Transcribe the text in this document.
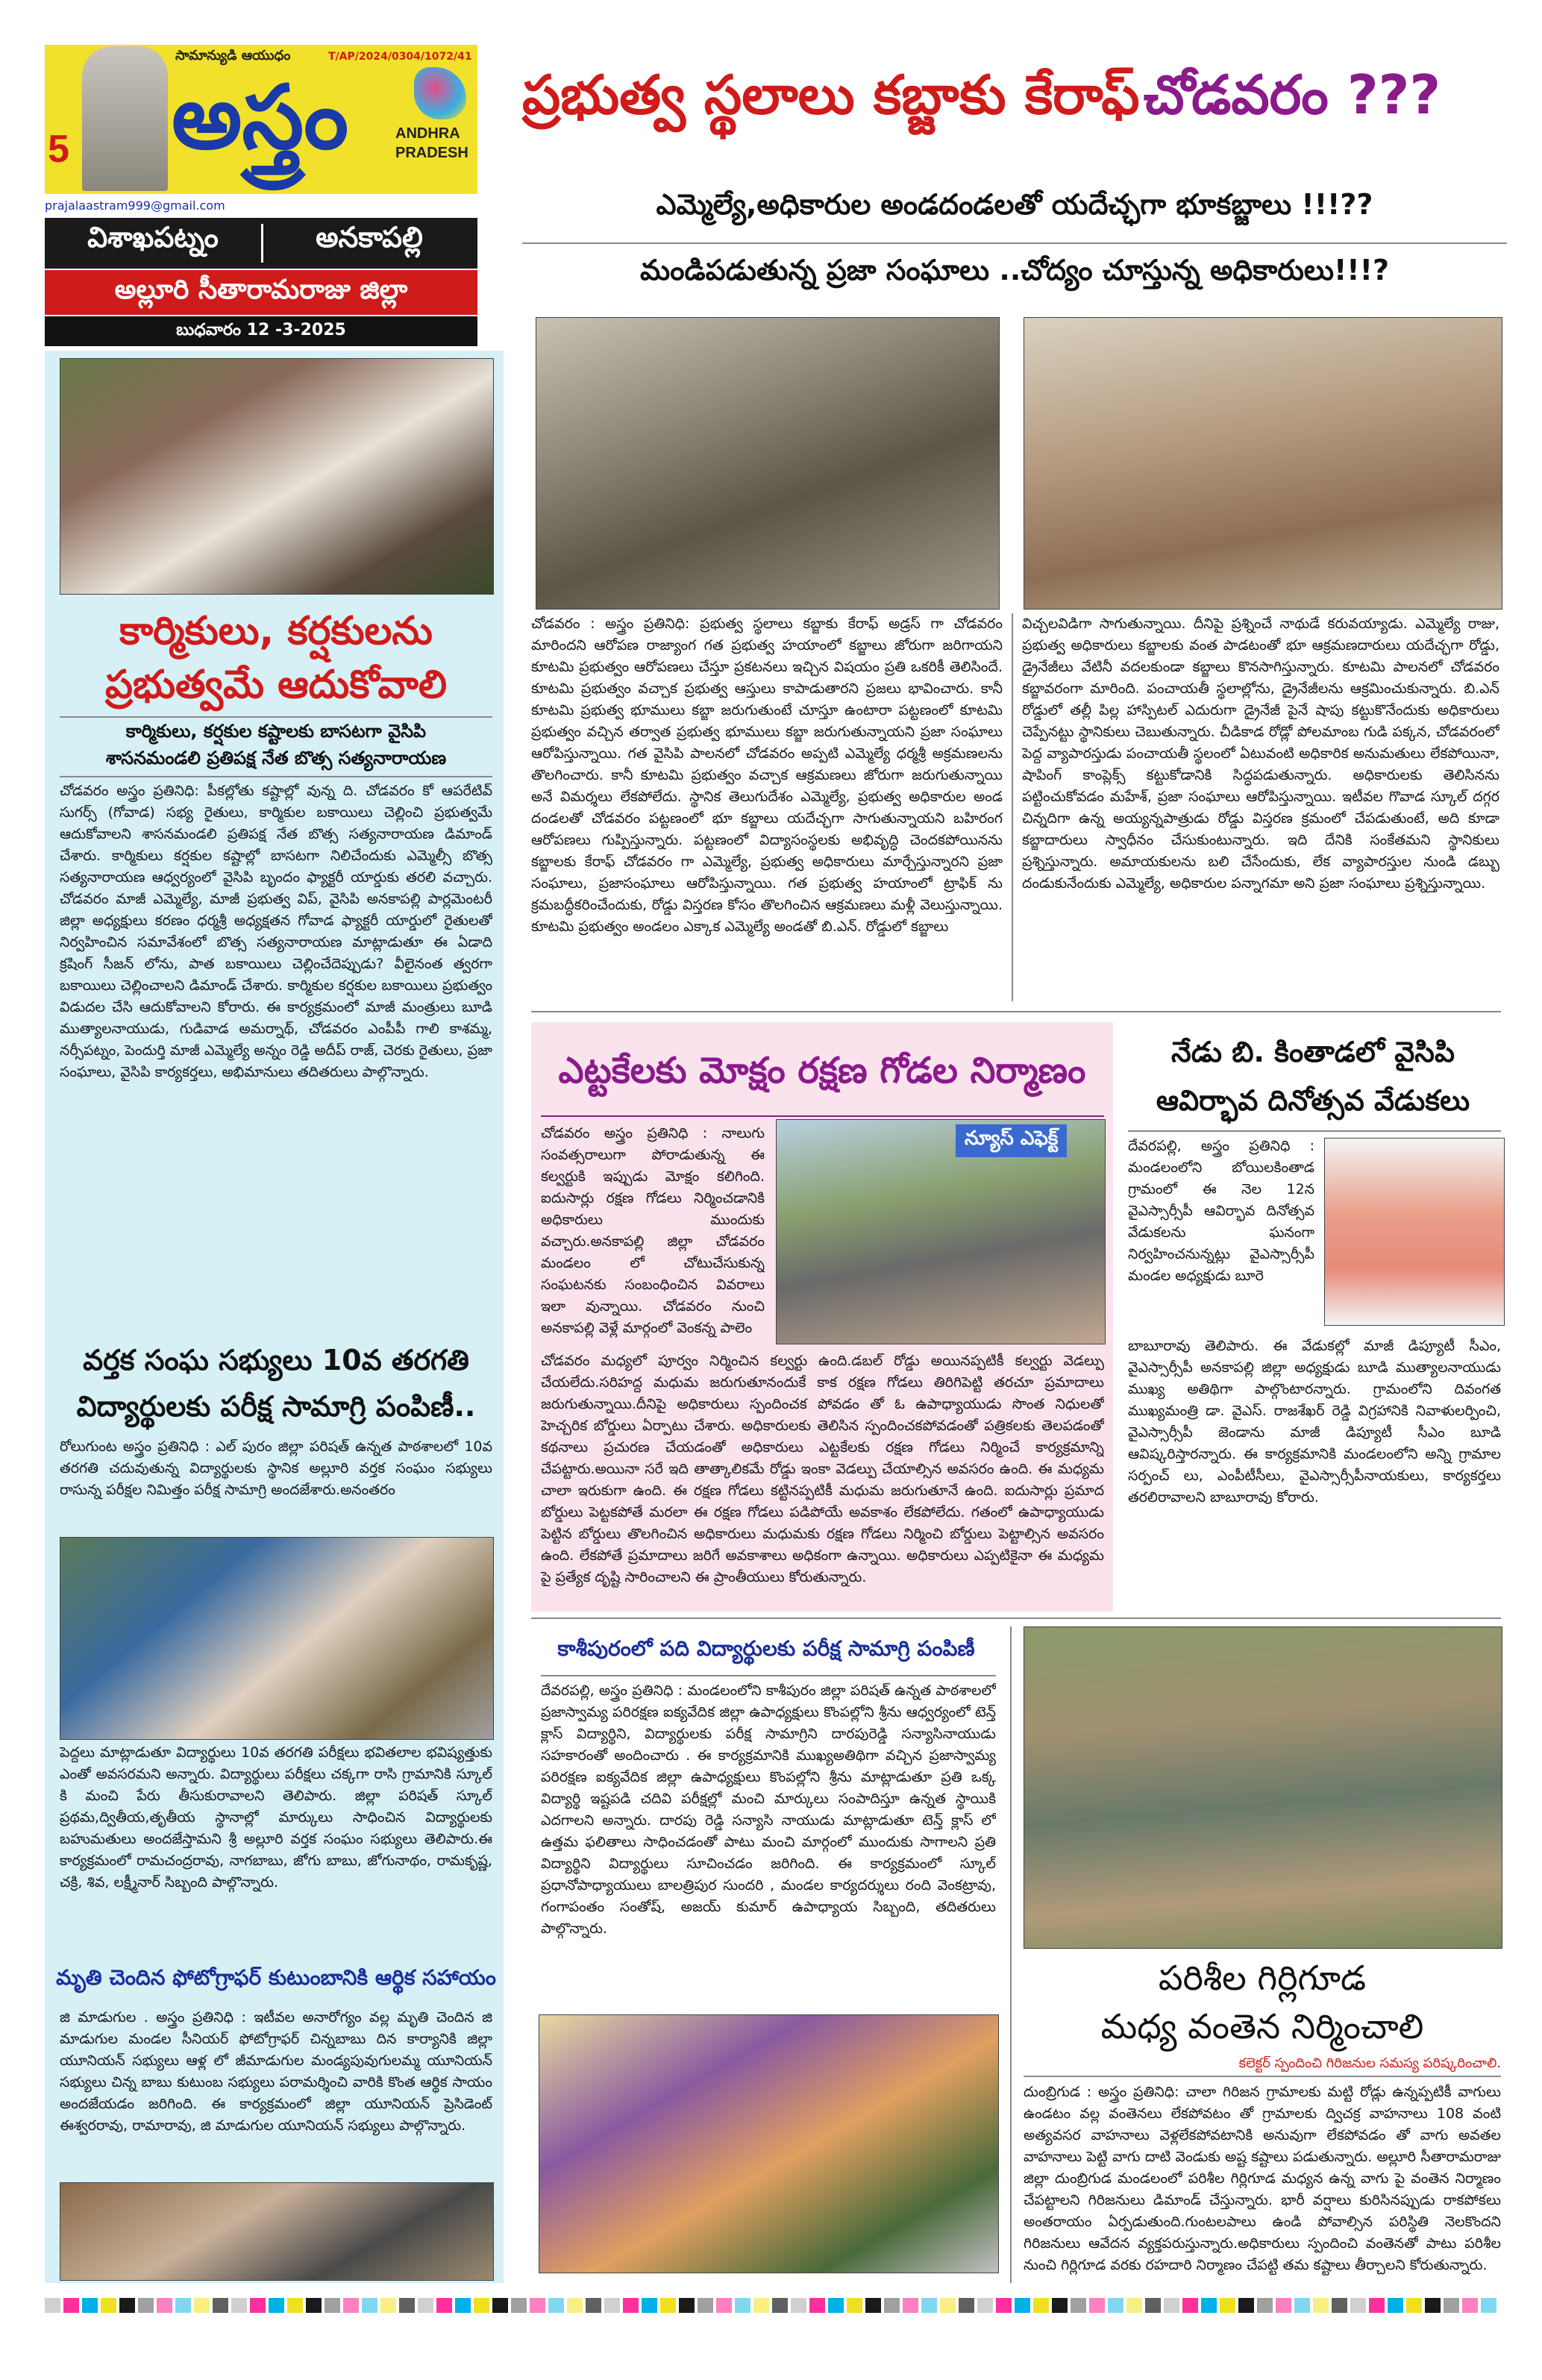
5
సామాన్యుడి ఆయుధం	T/AP/2024/0304/1072/41
అస్త్రం	ANDHRA
PRADESH
prajalaastram999@gmail.com
విశాఖపట్నం	అనకాపల్లి
అల్లూరి సీతారామరాజు జిల్లా
బుధవారం 12 -3-2025
ప్రభుత్వ స్థలాలు కబ్జాకు కేరాఫ్ చోడవరం ???
ఎమ్మెల్యే,అధికారుల అండదండలతో యదేచ్ఛగా భూకబ్జాలు !!!??
మండిపడుతున్న ప్రజా సంఘాలు ..చోద్యం చూస్తున్న అధికారులు!!!?
చోడవరం : అస్త్రం ప్రతినిధి: ప్రభుత్వ స్థలాలు కబ్జాకు కేరాఫ్ అడ్రస్ గా చోడవరం మారిందని ఆరోపణ రాజ్యాంగ గత ప్రభుత్వ హయాంలో కబ్జాలు జోరుగా జరిగాయని కూటమి ప్రభుత్వం ఆరోపణలు చేస్తూ ప్రకటనలు ఇచ్చిన విషయం ప్రతి ఒకరికీ తెలిసిందే. కూటమి ప్రభుత్వం వచ్చాక ప్రభుత్వ ఆస్తులు కాపాడుతారని ప్రజలు భావించారు. కానీ కూటమి ప్రభుత్వ భూములు కబ్జా జరుగుతుంటే చూస్తూ ఉంటారా పట్టణంలో కూటమి ప్రభుత్వం వచ్చిన తర్వాత ప్రభుత్వ భూములు కబ్జా జరుగుతున్నాయని ప్రజా సంఘాలు ఆరోపిస్తున్నాయి. గత వైసిపి పాలనలో చోడవరం అప్పటి ఎమ్మెల్యే ధర్మశ్రీ అక్రమణలను తొలగించారు. కానీ కూటమి ప్రభుత్వం వచ్చాక ఆక్రమణలు జోరుగా జరుగుతున్నాయి అనే విమర్శలు లేకపోలేదు. స్థానిక తెలుగుదేశం ఎమ్మెల్యే, ప్రభుత్వ అధికారుల అండ దండలతో చోడవరం పట్టణంలో భూ కబ్జాలు యదేచ్ఛగా సాగుతున్నాయని బహిరంగ ఆరోపణలు గుప్పిస్తున్నారు. పట్టణంలో విద్యాసంస్థలకు అభివృద్ధి చెందకపోయినను కబ్జాలకు కేరాఫ్ చోడవరం గా ఎమ్మెల్యే, ప్రభుత్వ అధికారులు మార్చేస్తున్నారని ప్రజా సంఘాలు, ప్రజాసంఘాలు ఆరోపిస్తున్నాయి. గత ప్రభుత్వ హయాంలో ట్రాఫిక్ ను క్రమబద్ధీకరించేందుకు, రోడ్డు విస్తరణ కోసం తొలగించిన ఆక్రమణలు మళ్లీ వెలుస్తున్నాయి. కూటమి ప్రభుత్వం అండలం ఎక్కాక ఎమ్మెల్యే అండతో బి.ఎన్. రోడ్డులో కబ్జాలు
విచ్చలవిడిగా సాగుతున్నాయి. దీనిపై ప్రశ్నించే నాథుడే కరువయ్యాడు. ఎమ్మెల్యే రాజు, ప్రభుత్వ అధికారులు కబ్జాలకు వంత పాడటంతో భూ ఆక్రమణదారులు యదేచ్ఛగా రోడ్డు, డ్రైనేజీలు వేటినీ వదలకుండా కబ్జాలు కొనసాగిస్తున్నారు. కూటమి పాలనలో చోడవరం కబ్జావరంగా మారింది. పంచాయతీ స్థలాల్లోను, డ్రైనేజీలను ఆక్రమించుకున్నారు. బి.ఎన్ రోడ్డులో తల్లీ పిల్ల హాస్పిటల్ ఎదురుగా డ్రైనేజీ పైనే షాపు కట్టుకొనేందుకు అధికారులు చెప్పేనట్టు స్థానికులు చెబుతున్నారు. చీడికాడ రోడ్లో పోలమాంబ గుడి పక్కన, చోడవరంలో పెద్ద వ్యాపారస్తుడు పంచాయతీ స్థలంలో ఏటువంటి అధికారిక అనుమతులు లేకపోయినా, షాపింగ్ కాంప్లెక్స్ కట్టుకోడానికి సిద్ధపడుతున్నారు. అధికారులకు తెలిసినను పట్టించుకోవడం మహేశ్, ప్రజా సంఘాలు ఆరోపిస్తున్నాయి. ఇటీవల గొవాడ స్కూల్ దగ్గర చిన్నదిగా ఉన్న అయ్యన్నపాత్రుడు రోడ్డు విస్తరణ క్రమంలో చేపడుతుంటే, అది కూడా కబ్జాదారులు స్వాధీనం చేసుకుంటున్నారు. ఇది దేనికి సంకేతమని స్థానికులు ప్రశ్నిస్తున్నారు. అమాయకులను బలి చేసేందుకు, లేక వ్యాపారస్తుల నుండి డబ్బు దండుకునేందుకు ఎమ్మెల్యే, అధికారుల పన్నాగమా అని ప్రజా సంఘాలు ప్రశ్నిస్తున్నాయి.
కార్మికులు, కర్షకులను ప్రభుత్వమే ఆదుకోవాలి
కార్మికులు, కర్షకుల కష్టాలకు బాసటగా వైసిపి
శాసనమండలి ప్రతిపక్ష నేత బొత్స సత్యనారాయణ
చోడవరం అస్త్రం ప్రతినిధి: పీకల్లోతు కష్టాల్లో వున్న ది. చోడవరం కో ఆపరేటివ్ సుగర్స్ (గోవాడ) సభ్య రైతులు, కార్మికుల బకాయిలు చెల్లించి ప్రభుత్వమే ఆదుకోవాలని శాసనమండలి ప్రతిపక్ష నేత బొత్స సత్యనారాయణ డిమాండ్ చేశారు. కార్మికులు కర్షకుల కష్టాల్లో బాసటగా నిలిచేందుకు ఎమ్మెల్సీ బొత్స సత్యనారాయణ ఆధ్వర్యంలో వైసిపి బృందం ఫ్యాక్టరీ యార్డుకు తరలి వచ్చారు. చోడవరం మాజీ ఎమ్మెల్యే, మాజీ ప్రభుత్వ విప్, వైసిపి అనకాపల్లి పార్లమెంటరీ జిల్లా అధ్యక్షులు కరణం ధర్మశ్రీ అధ్యక్షతన గోవాడ ఫ్యాక్టరీ యార్డులో రైతులతో నిర్వహించిన సమావేశంలో బొత్స సత్యనారాయణ మాట్లాడుతూ ఈ ఏడాది క్రషింగ్ సీజన్ లోను, పాత బకాయిలు చెల్లించేదెప్పుడు? వీలైనంత త్వరగా బకాయిలు చెల్లించాలని డిమాండ్ చేశారు. కార్మికుల కర్షకుల బకాయిలు ప్రభుత్వం విడుదల చేసి ఆదుకోవాలని కోరారు. ఈ కార్యక్రమంలో మాజీ మంత్రులు బూడి ముత్యాలనాయుడు, గుడివాడ అమర్నాథ్, చోడవరం ఎంపీపీ గాలి కాశమ్మ, నర్సీపట్నం, పెందుర్తి మాజీ ఎమ్మెల్యే అన్నం రెడ్డి అదీప్ రాజ్, చెరకు రైతులు, ప్రజా సంఘాలు, వైసిపి కార్యకర్తలు, అభిమానులు తదితరులు పాల్గొన్నారు.
వర్తక సంఘ సభ్యులు 10వ తరగతి విద్యార్థులకు పరీక్ష సామాగ్రి పంపిణీ..
రోలుగుంట అస్త్రం ప్రతినిధి : ఎల్ పురం జిల్లా పరిషత్ ఉన్నత పాఠశాలలో 10వ తరగతి చదువుతున్న విద్యార్థులకు స్థానిక అల్లూరి వర్తక సంఘం సభ్యులు రాసున్న పరీక్షల నిమిత్తం పరీక్ష సామాగ్రి అందజేశారు.అనంతరం
పెద్దలు మాట్లాడుతూ విద్యార్థులు 10వ తరగతి పరీక్షలు భవితలాల భవిష్యత్తుకు ఎంతో అవసరమని అన్నారు. విద్యార్థులు పరీక్షలు చక్కగా రాసి గ్రామానికి స్కూల్ కి మంచి పేరు తీసుకురావాలని తెలిపారు. జిల్లా పరిషత్ స్కూల్ ప్రథమ,ద్వితీయ,తృతీయ స్థానాల్లో మార్కులు సాధించిన విద్యార్థులకు బహుమతులు అందజేస్తామని శ్రీ అల్లూరి వర్తక సంఘం సభ్యులు తెలిపారు.ఈ కార్యక్రమంలో రామచంద్రరావు, నాగబాబు, జోగు బాబు, జోగునాథం, రామకృష్ణ, చక్రి, శివ, లక్ష్మీనార్ సిబ్బంది పాల్గొన్నారు.
మృతి చెందిన ఫోటోగ్రాఫర్ కుటుంబానికి ఆర్థిక సహాయం
జి మాడుగుల . అస్త్రం ప్రతినిధి : ఇటీవల అనారోగ్యం వల్ల మృతి చెందిన జి మాడుగుల మండల సీనియర్ ఫోటోగ్రాఫర్ చిన్నబాబు దిన కార్యానికి జిల్లా యూనియన్ సభ్యులు ఆళ్ల లో జీమాడుగుల మండ్యపువుగులమ్మ యూనియన్ సభ్యులు చిన్న బాబు కుటుంబ సభ్యులు పరామర్శించి వారికి కొంత ఆర్థిక సాయం అందజేయడం జరిగింది. ఈ కార్యక్రమంలో జిల్లా యూనియన్ ప్రెసిడెంట్ ఈశ్వరరావు, రామారావు, జి మాడుగుల యూనియన్ సభ్యులు పాల్గొన్నారు.
ఎట్టకేలకు మోక్షం రక్షణ గోడల నిర్మాణం
చోడవరం అస్త్రం ప్రతినిధి : నాలుగు సంవత్సరాలుగా పోరాడుతున్న ఈ కల్వర్టుకి ఇప్పుడు మోక్షం కలిగింది. ఐదుసార్లు రక్షణ గోడలు నిర్మించడానికి అధికారులు ముందుకు వచ్చారు.అనకాపల్లి జిల్లా చోడవరం మండలం లో చోటుచేసుకున్న సంఘటనకు సంబంధించిన వివరాలు ఇలా వున్నాయి. చోడవరం నుంచి అనకాపల్లి వెళ్లే మార్గంలో వెంకన్న పాలెం
న్యూస్ ఎఫెక్ట్
చోడవరం మధ్యలో పూర్వం నిర్మించిన కల్వర్టు ఉంది.డబల్ రోడ్డు అయినప్పటికీ కల్వర్టు వెడల్పు చేయలేదు.సరిహద్ద మధుమ జరుగుతూనందుకే కాక రక్షణ గోడలు తిరిగిపెట్టి తరచూ ప్రమాదాలు జరుగుతున్నాయి.దీనిపై అధికారులు స్పందించక పోవడం తో ఓ ఉపాధ్యాయుడు సొంత నిధులతో హెచ్చరిక బోర్డులు ఏర్పాటు చేశారు. అధికారులకు తెలిసిన స్పందించకపోవడంతో పత్రికలకు తెలపడంతో కథనాలు ప్రచురణ చేయడంతో అధికారులు ఎట్టకేలకు రక్షణ గోడలు నిర్మించే కార్యక్రమాన్ని చేపట్టారు.అయినా సరే ఇది తాత్కాలికమే రోడ్డు ఇంకా వెడల్పు చేయాల్సిన అవసరం ఉంది. ఈ మధ్యమ చాలా ఇరుకుగా ఉంది. ఈ రక్షణ గోడలు కట్టినప్పటికీ మధుమ జరుగుతూనే ఉంది. ఐదుసార్లు ప్రమాద బోర్డులు పెట్టకపోతే మరలా ఈ రక్షణ గోడలు పడిపోయే అవకాశం లేకపోలేదు. గతంలో ఉపాధ్యాయుడు పెట్టిన బోర్డులు తొలగించిన అధికారులు మధుమకు రక్షణ గోడలు నిర్మించి బోర్డులు పెట్టాల్సిన అవసరం ఉంది. లేకపోతే ప్రమాదాలు జరిగే అవకాశాలు అధికంగా ఉన్నాయి. అధికారులు ఎప్పటికైనా ఈ మధ్యమ పై ప్రత్యేక దృష్టి సారించాలని ఈ ప్రాంతీయులు కోరుతున్నారు.
నేడు బి. కింతాడలో వైసిపి
ఆవిర్భావ దినోత్సవ వేడుకలు
దేవరపల్లి, అస్త్రం ప్రతినిధి : మండలంలోని బోయిలకింతాడ గ్రామంలో ఈ నెల 12న వైఎస్సార్సీపీ ఆవిర్భావ దినోత్సవ వేడుకలను ఘనంగా నిర్వహించనున్నట్లు వైఎస్సార్సీపీ మండల అధ్యక్షుడు బూరె
బాబూరావు తెలిపారు. ఈ వేడుకల్లో మాజీ డిప్యూటీ సీఎం, వైఎస్సార్సీపీ అనకాపల్లి జిల్లా అధ్యక్షుడు బూడి ముత్యాలనాయుడు ముఖ్య అతిథిగా పాల్గొంటారన్నారు. గ్రామంలోని దివంగత ముఖ్యమంత్రి డా. వైఎస్. రాజశేఖర్ రెడ్డి విగ్రహానికి నివాళులర్పించి, వైఎస్సార్సీపీ జెండాను మాజీ డిప్యూటీ సీఎం బూడి ఆవిష్కరిస్తారన్నారు. ఈ కార్యక్రమానికి మండలంలోని అన్ని గ్రామాల సర్పంచ్ లు, ఎంపీటీసీలు, వైఎస్సార్సీపీనాయకులు, కార్యకర్తలు తరలిరావాలని బాబూరావు కోరారు.
కాశీపురంలో పది విద్యార్థులకు పరీక్ష సామాగ్రి పంపిణీ
దేవరపల్లి, అస్త్రం ప్రతినిధి : మండలంలోని కాశీపురం జిల్లా పరిషత్ ఉన్నత పాఠశాలలో ప్రజాస్వామ్య పరిరక్షణ ఐక్యవేదిక జిల్లా ఉపాధ్యక్షులు కొంపల్లోని శ్రీను ఆధ్వర్యంలో టెన్త్ క్లాస్ విద్యార్థిని, విద్యార్థులకు పరీక్ష సామాగ్రిని దారపురెడ్డి సన్యాసినాయుడు సహకారంతో అందించారు . ఈ కార్యక్రమానికి ముఖ్యఅతిథిగా వచ్చిన ప్రజాస్వామ్య పరిరక్షణ ఐక్యవేదిక జిల్లా ఉపాధ్యక్షులు కొంపల్లోని శ్రీను మాట్లాడుతూ ప్రతి ఒక్క విద్యార్థి ఇష్టపడి చదివి పరీక్షల్లో మంచి మార్కులు సంపాదిస్తూ ఉన్నత స్థాయికి ఎదగాలని అన్నారు. దారపు రెడ్డి సన్యాసి నాయుడు మాట్లాడుతూ టెన్త్ క్లాస్ లో ఉత్తమ ఫలితాలు సాధించడంతో పాటు మంచి మార్గంలో ముందుకు సాగాలని ప్రతి విద్యార్థిని విద్యార్థులు సూచించడం జరిగింది. ఈ కార్యక్రమంలో స్కూల్ ప్రధానోపాధ్యాయులు బాలత్రిపుర సుందరి , మండల కార్యదర్శులు రంది వెంకట్రావు, గంగాపంతం సంతోష్, అజయ్ కుమార్ ఉపాధ్యాయ సిబ్బంది, తదితరులు పాల్గొన్నారు.
పరిశీల గిర్లిగూడ
మధ్య వంతెన నిర్మించాలి
కలెక్టర్ స్పందించి గిరిజనుల సమస్య పరిష్కరించాలి.
దుంబ్రిగుడ : అస్త్రం ప్రతినిధి: చాలా గిరిజన గ్రామాలకు మట్టి రోడ్లు ఉన్నప్పటికీ వాగులు ఉండటం వల్ల వంతెనలు లేకపోవటం తో గ్రామాలకు ద్విచక్ర వాహనాలు 108 వంటి అత్యవసర వాహనాలు వెళ్లలేకపోవటానికి అనువుగా లేకపోవడం తో వాగు అవతల వాహనాలు పెట్టి వాగు దాటి వెండుకు అష్ట కష్టాలు పడుతున్నారు. అల్లూరి సీతారామరాజు జిల్లా దుంబ్రిగుడ మండలంలో పరిశీల గిర్లిగూడ మధ్యన ఉన్న వాగు పై వంతెన నిర్మాణం చేపట్టాలని గిరిజనులు డిమాండ్ చేస్తున్నారు. భారీ వర్షాలు కురిసినప్పుడు రాకపోకలు అంతరాయం ఏర్పడుతుంది.గుంటలపాలు ఉండి పోవాల్సిన పరిస్థితి నెలకొందని గిరిజనులు ఆవేదన వ్యక్తపరుస్తున్నారు.అధికారులు స్పందించి వంతెనతో పాటు పరిశీల నుంచి గిర్లిగూడ వరకు రహదారి నిర్మాణం చేపట్టి తమ కష్టాలు తీర్చాలని కోరుతున్నారు.
